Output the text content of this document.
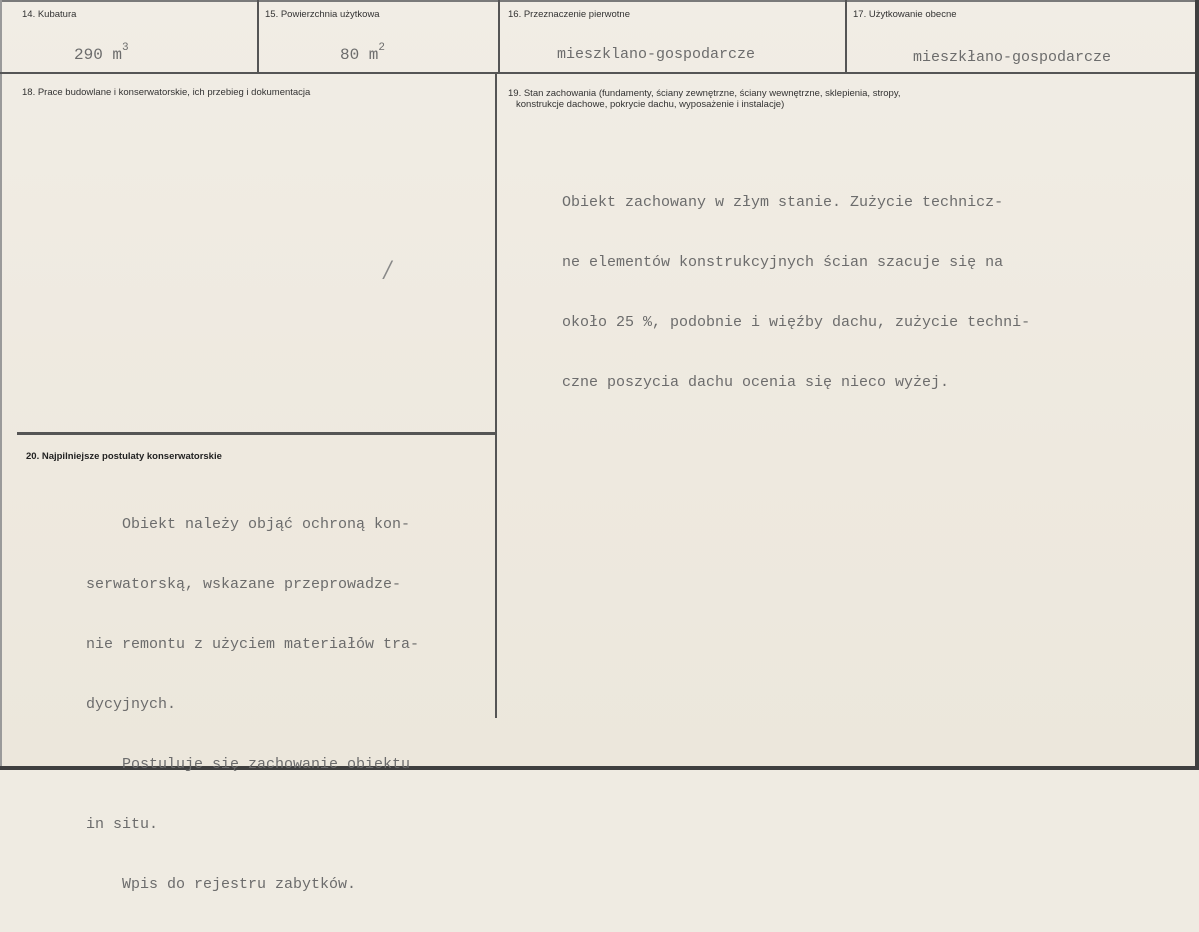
14. Kubatura
290 $m^3$
15. Powierzchnia użytkowa
80 $m^2$
16. Przeznaczenie pierwotne
mieszklano-gospodarcze
17. Użytkowanie obecne
mieszkłano-gospodarcze
18. Prace budowlane i konserwatorskie, ich przebieg i dokumentacja
/
19. Stan zachowania (fundamenty, ściany zewnętrzne, ściany wewnętrzne, sklepienia, stropy,
konstrukcje dachowe, pokrycie dachu, wyposażenie i instalacje)

Obiekt zachowany w złym stanie. Zużycie technicz-

ne elementów konstrukcyjnych ścian szacuje się na

około 25 %, podobnie i więźby dachu, zużycie techni-

czne poszycia dachu ocenia się nieco wyżej.

20. Najpilniejsze postulaty konserwatorskie

Obiekt należy objąć ochroną kon-

serwatorską, wskazane przeprowadze-

nie remontu z użyciem materiałów tra-

dycyjnych.

Postuluje się zachowanie obiektu

in situ.

Wpis do rejestru zabytków.
